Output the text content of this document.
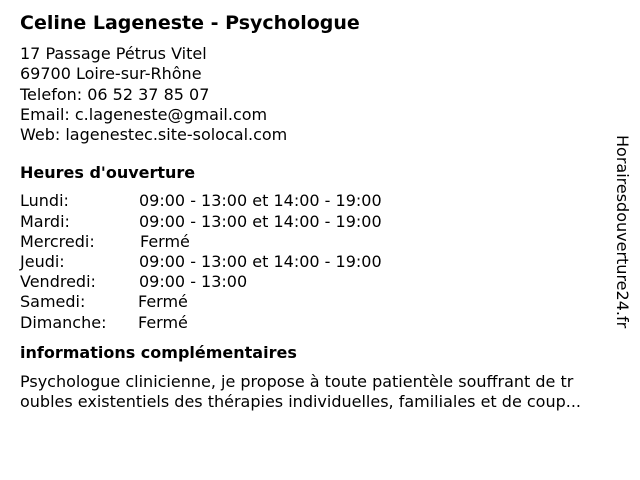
Celine Lageneste - Psychologue
17 Passage Pétrus Vitel
69700 Loire-sur-Rhône
Telefon: 06 52 37 85 07
Email: c.lageneste@gmail.com
Web: lagenestec.site-solocal.com
Heures d'ouverture
Lundi:	09:00 - 13:00 et 14:00 - 19:00
Mardi:	09:00 - 13:00 et 14:00 - 19:00
Mercredi:	Fermé
Jeudi:	09:00 - 13:00 et 14:00 - 19:00
Vendredi:	09:00 - 13:00
Samedi:	Fermé
Dimanche: Fermé
informations complémentaires
Psychologue clinicienne, je propose à toute patientèle souffrant de tr
oubles existentiels des thérapies individuelles, familiales et de coup...
Horairesdouverture24.fr
